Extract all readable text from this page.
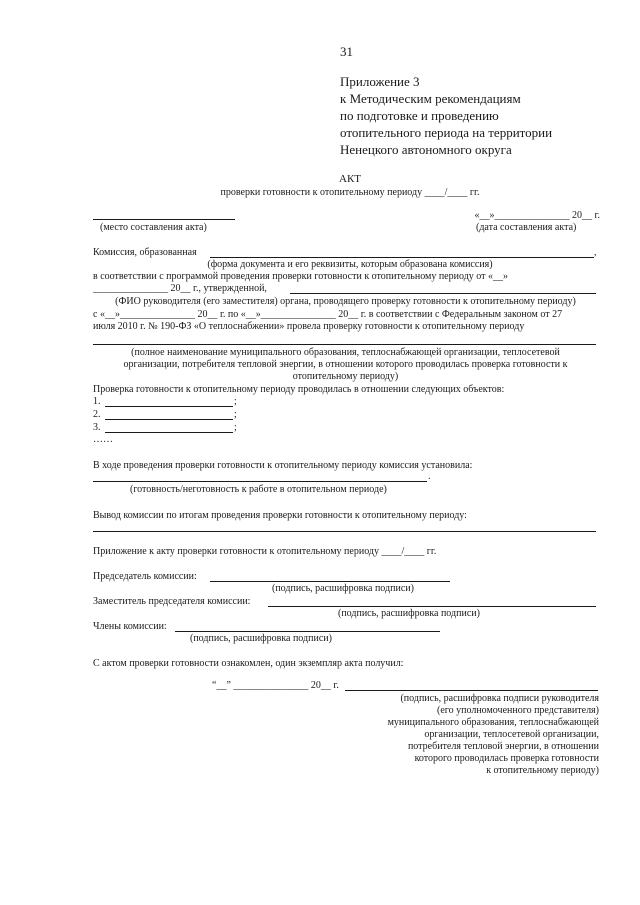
31
Приложение 3
к Методическим рекомендациям
по подготовке и проведению
отопительного периода на территории
Ненецкого автономного округа
АКТ
проверки готовности к отопительному периоду ____/____ гг.
«__»_______________ 20__ г.
(место составления акта)	(дата составления акта)
Комиссия, образованная	,
(форма документа и его реквизиты, которым образована комиссия)
в соответствии с программой проведения проверки готовности к отопительному периоду от «__»
_______________ 20__ г., утвержденной,
(ФИО руководителя (его заместителя) органа, проводящего проверку готовности к отопительному периоду)
с «__»_______________ 20__ г. по «__»_______________ 20__ г. в соответствии с Федеральным законом от 27
июля 2010 г. № 190-ФЗ «О теплоснабжении» провела проверку готовности к отопительному периоду
(полное наименование муниципального образования, теплоснабжающей организации, теплосетевой
организации, потребителя тепловой энергии, в отношении которого проводилась проверка готовности к
отопительному периоду)
Проверка готовности к отопительному периоду проводилась в отношении следующих объектов:
1.	;
2.	;
3.	;
……
В ходе проведения проверки готовности к отопительному периоду комиссия установила:
.
(готовность/неготовность к работе в отопительном периоде)
Вывод комиссии по итогам проведения проверки готовности к отопительному периоду:
Приложение к акту проверки готовности к отопительному периоду ____/____ гг.
Председатель комиссии:
(подпись, расшифровка подписи)
Заместитель председателя комиссии:
(подпись, расшифровка подписи)
Члены комиссии:
(подпись, расшифровка подписи)
С актом проверки готовности ознакомлен, один экземпляр акта получил:
“__” _______________ 20__ г.
(подпись, расшифровка подписи руководителя
(его уполномоченного представителя)
муниципального образования, теплоснабжающей
организации, теплосетевой организации,
потребителя тепловой энергии, в отношении
которого проводилась проверка готовности
к отопительному периоду)
